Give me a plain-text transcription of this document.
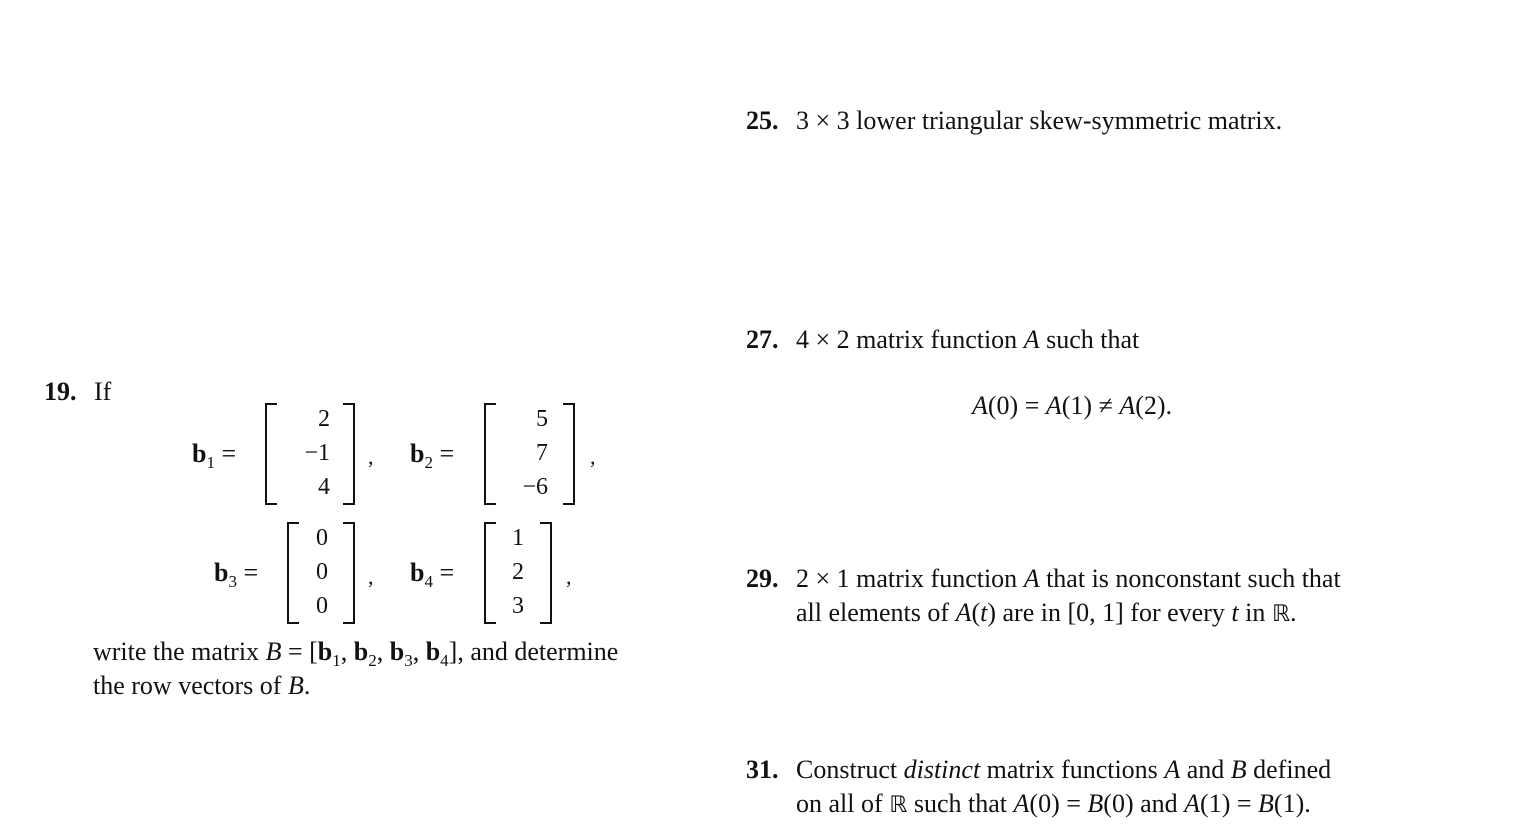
25. 3 × 3 lower triangular skew-symmetric matrix.
27. 4 × 2 matrix function A such that
A(0) = A(1) ≠ A(2).
29. 2 × 1 matrix function A that is nonconstant such that
all elements of A(t) are in [0, 1] for every t in ℝ.
31. Construct distinct matrix functions A and B defined
on all of ℝ such that A(0) = B(0) and A(1) = B(1).
19. If
$b_1$ =
2
−1
4
, $b_2$ =
5
7
−6
,
$b_3$ =
0
0
0
, $b_4$ =
1
2
3
,
write the matrix $B = [b_1$, $b_2$, $b_3$, $b_4$], and determine
the row vectors of B.
